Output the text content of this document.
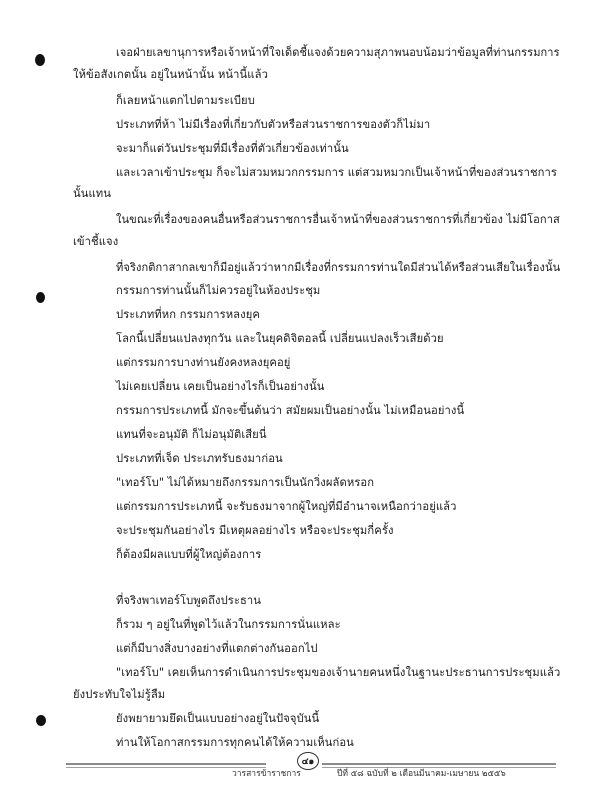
เจอฝ่ายเลขานุการหรือเจ้าหน้าที่ใจเด็ดชี้แจงด้วยความสุภาพนอบน้อมว่าข้อมูลที่ท่านกรรมการ
ให้ข้อสังเกตนั้น อยู่ในหน้านั้น หน้านี้แล้ว
ก็เลยหน้าแตกไปตามระเบียบ
ประเภทที่ห้า ไม่มีเรื่องที่เกี่ยวกับตัวหรือส่วนราชการของตัวก็ไม่มา
จะมาก็แต่วันประชุมที่มีเรื่องที่ตัวเกี่ยวข้องเท่านั้น
และเวลาเข้าประชุม ก็จะไม่สวมหมวกกรรมการ แต่สวมหมวกเป็นเจ้าหน้าที่ของส่วนราชการ
นั้นแทน
ในขณะที่เรื่องของคนอื่นหรือส่วนราชการอื่นเจ้าหน้าที่ของส่วนราชการที่เกี่ยวข้อง ไม่มีโอกาส
เข้าชี้แจง
ที่จริงกติกาสากลเขาก็มีอยู่แล้วว่าหากมีเรื่องที่กรรมการท่านใดมีส่วนได้หรือส่วนเสียในเรื่องนั้น
กรรมการท่านนั้นก็ไม่ควรอยู่ในห้องประชุม
ประเภทที่หก กรรมการหลงยุค
โลกนี้เปลี่ยนแปลงทุกวัน และในยุคดิจิตอลนี้ เปลี่ยนแปลงเร็วเสียด้วย
แต่กรรมการบางท่านยังคงหลงยุคอยู่
ไม่เคยเปลี่ยน เคยเป็นอย่างไรก็เป็นอย่างนั้น
กรรมการประเภทนี้ มักจะขึ้นต้นว่า สมัยผมเป็นอย่างนั้น ไม่เหมือนอย่างนี้
แทนที่จะอนุมัติ ก็ไม่อนุมัติเสียนี่
ประเภทที่เจ็ด ประเภทรับธงมาก่อน
"เทอร์โบ" ไม่ได้หมายถึงกรรมการเป็นนักวิ่งผลัดหรอก
แต่กรรมการประเภทนี้ จะรับธงมาจากผู้ใหญ่ที่มีอำนาจเหนือกว่าอยู่แล้ว
จะประชุมกันอย่างไร มีเหตุผลอย่างไร หรือจะประชุมกี่ครั้ง
ก็ต้องมีผลแบบที่ผู้ใหญ่ต้องการ
ที่จริงพาเทอร์โบพูดถึงประธาน
ก็รวม ๆ อยู่ในที่พูดไว้แล้วในกรรมการนั่นแหละ
แต่ก็มีบางสิ่งบางอย่างที่แตกต่างกันออกไป
"เทอร์โบ" เคยเห็นการดำเนินการประชุมของเจ้านายคนหนึ่งในฐานะประธานการประชุมแล้ว
ยังประทับใจไม่รู้ลืม
ยังพยายามยึดเป็นแบบอย่างอยู่ในปัจจุบันนี้
ท่านให้โอกาสกรรมการทุกคนได้ให้ความเห็นก่อน
วารสารข้าราชการ
๔๑
ปีที่ ๕๘ ฉบับที่ ๒ เดือนมีนาคม-เมษายน ๒๕๕๖
